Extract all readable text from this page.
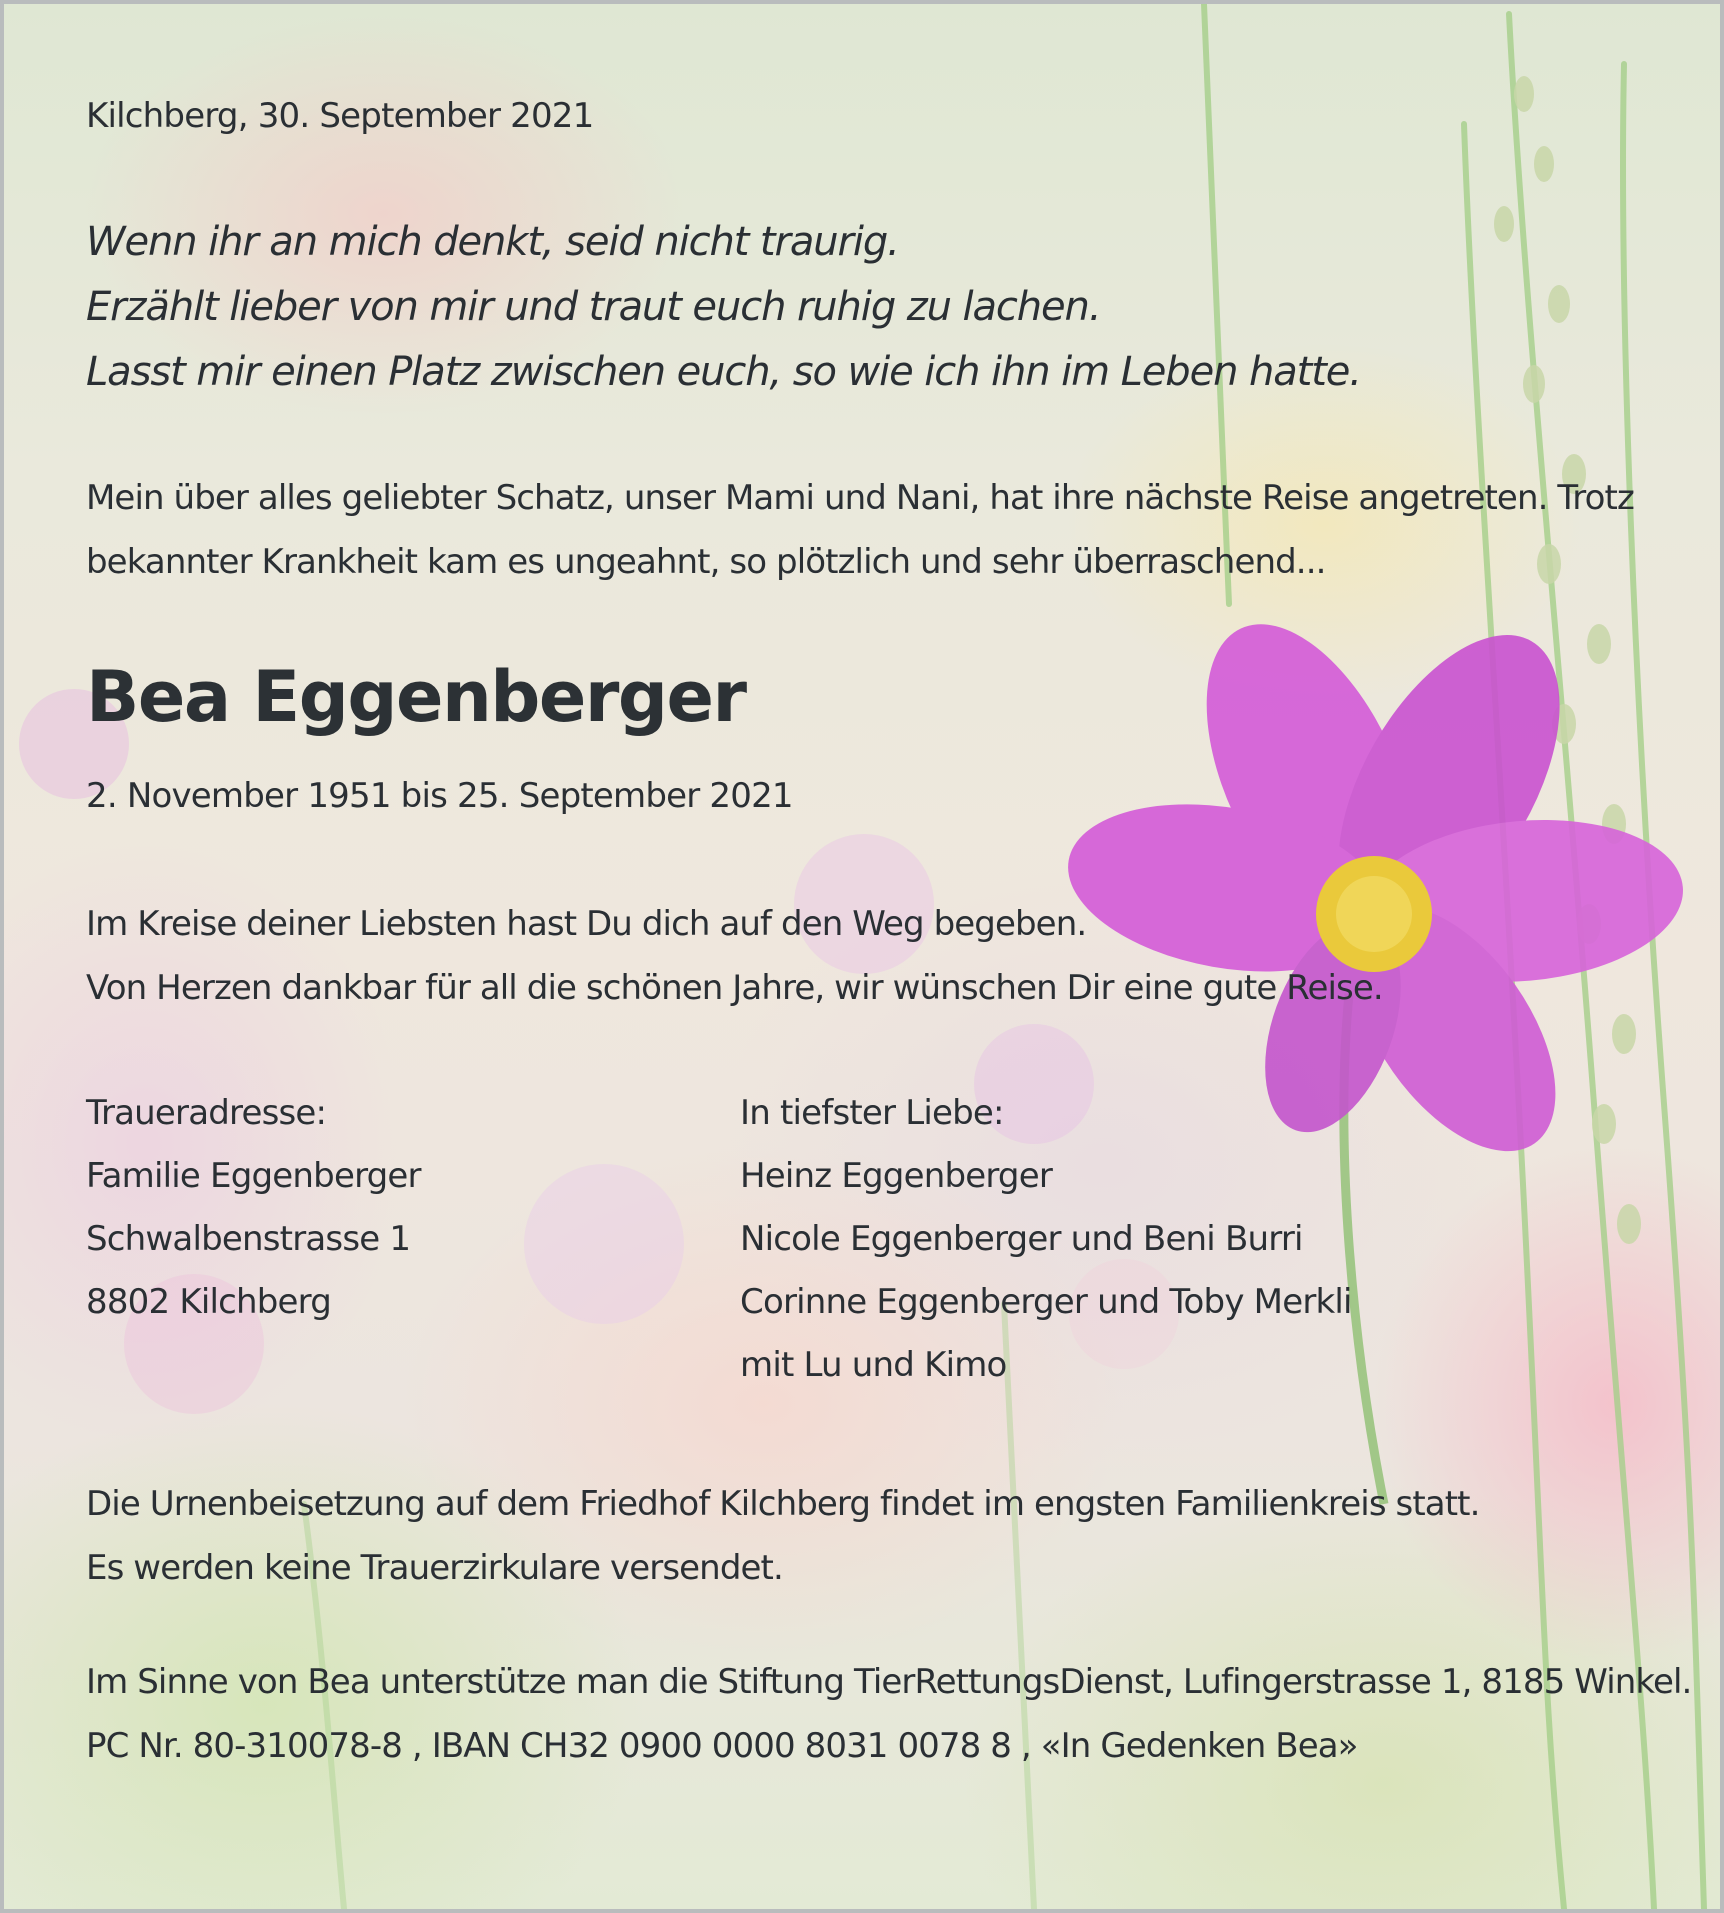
Kilchberg, 30. September 2021

Wenn ihr an mich denkt, seid nicht traurig.
Erzählt lieber von mir und traut euch ruhig zu lachen.
Lasst mir einen Platz zwischen euch, so wie ich ihn im Leben hatte.
Mein über alles geliebter Schatz, unser Mami und Nani, hat ihre nächste Reise angetreten. Trotz
bekannter Krankheit kam es ungeahnt, so plötzlich und sehr überraschend...
Bea Eggenberger

2. November 1951 bis 25. September 2021

Im Kreise deiner Liebsten hast Du dich auf den Weg begeben.
Von Herzen dankbar für all die schönen Jahre, wir wünschen Dir eine gute Reise.
Traueradresse:
Familie Eggenberger
Schwalbenstrasse 1
8802 Kilchberg
In tiefster Liebe:
Heinz Eggenberger
Nicole Eggenberger und Beni Burri
Corinne Eggenberger und Toby Merkli
mit Lu und Kimo
Die Urnenbeisetzung auf dem Friedhof Kilchberg findet im engsten Familienkreis statt.
Es werden keine Trauerzirkulare versendet.
Im Sinne von Bea unterstütze man die Stiftung TierRettungsDienst, Lufingerstrasse 1, 8185 Winkel.
PC Nr. 80-310078-8 , IBAN CH32 0900 0000 8031 0078 8 , «In Gedenken Bea»
